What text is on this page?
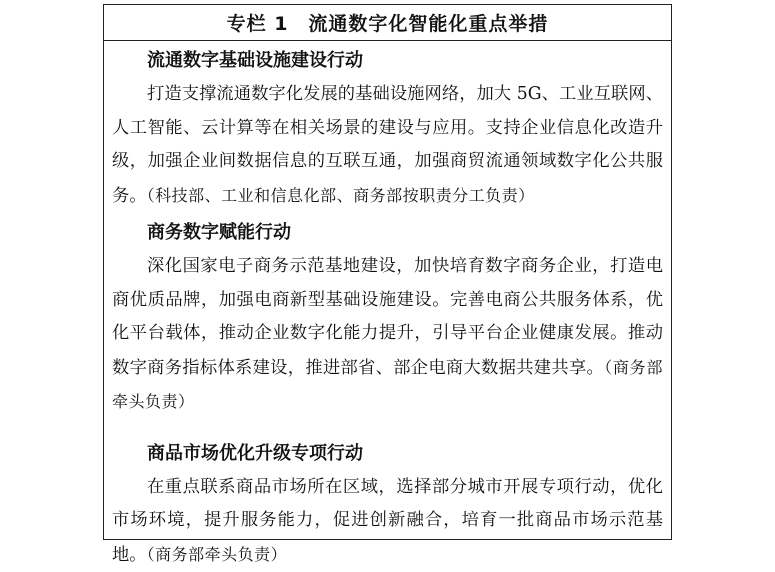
专栏 1　流通数字化智能化重点举措
流通数字基础设施建设行动

打造支撑流通数字化发展的基础设施网络，加大 5G、工业互联网、人工智能、云计算等在相关场景的建设与应用。支持企业信息化改造升级，加强企业间数据信息的互联互通，加强商贸流通领域数字化公共服务。（科技部、工业和信息化部、商务部按职责分工负责）

商务数字赋能行动

深化国家电子商务示范基地建设，加快培育数字商务企业，打造电商优质品牌，加强电商新型基础设施建设。完善电商公共服务体系，优化平台载体，推动企业数字化能力提升，引导平台企业健康发展。推动数字商务指标体系建设，推进部省、部企电商大数据共建共享。（商务部牵头负责）

商品市场优化升级专项行动

在重点联系商品市场所在区域，选择部分城市开展专项行动，优化市场环境，提升服务能力，促进创新融合，培育一批商品市场示范基地。（商务部牵头负责）
